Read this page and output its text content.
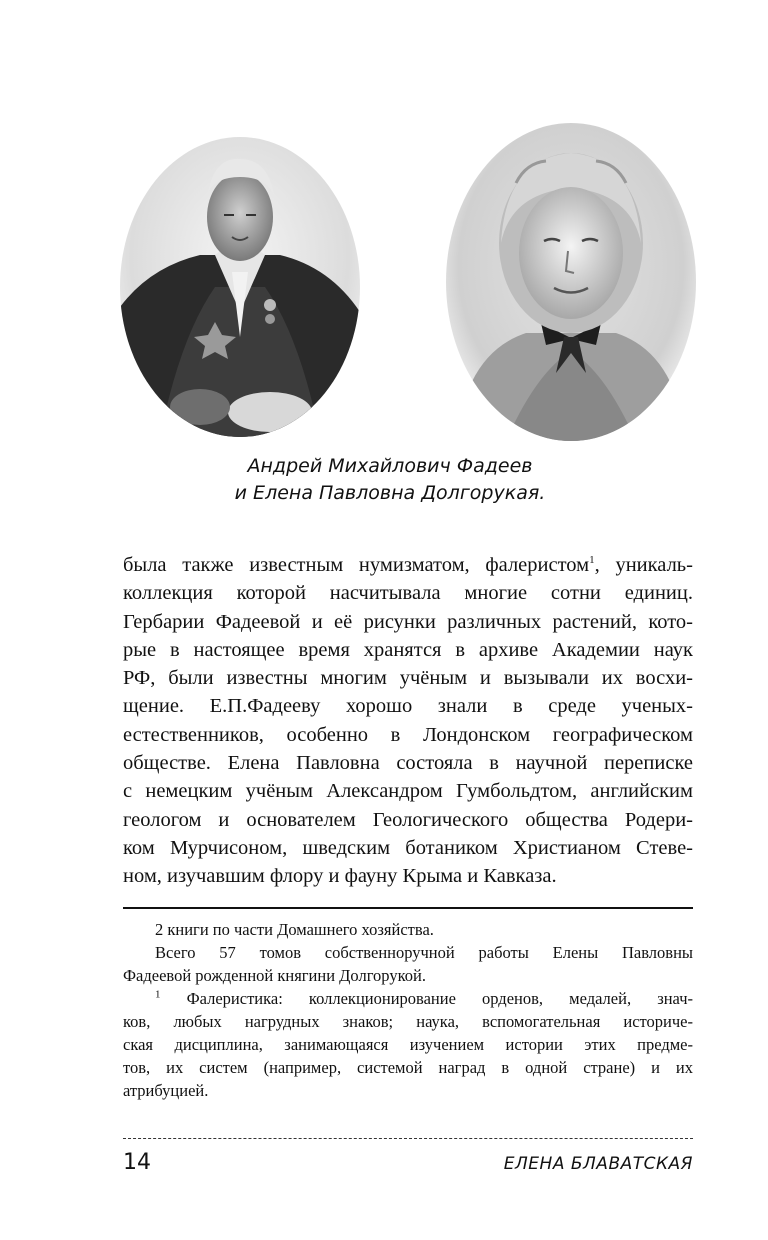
Андрей Михайлович Фадеев
и Елена Павловна Долгорукая.

была также известным нумизматом, фалеристом$^1$, уникаль-

коллекция которой насчитывала многие сотни единиц.

Гербарии Фадеевой и её рисунки различных растений, кото-

рые в настоящее время хранятся в архиве Академии наук

РФ, были известны многим учёным и вызывали их восхи-

щение. Е.П.Фадееву хорошо знали в среде ученых-

естественников, особенно в Лондонском географическом

обществе. Елена Павловна состояла в научной переписке

с немецким учёным Александром Гумбольдтом, английским

геологом и основателем Геологического общества Родери-

ком Мурчисоном, шведским ботаником Христианом Стеве-

ном, изучавшим флору и фауну Крыма и Кавказа.

2 книги по части Домашнего хозяйства.

Всего 57 томов собственноручной работы Елены Павловны

Фадеевой рожденной княгини Долгорукой.

$^1$ Фалеристика: коллекционирование орденов, медалей, знач-

ков, любых нагрудных знаков; наука, вспомогательная историче-

ская дисциплина, занимающаяся изучением истории этих предме-

тов, их систем (например, системой наград в одной стране) и их

атрибуцией.

14	ЕЛЕНА БЛАВАТСКАЯ
